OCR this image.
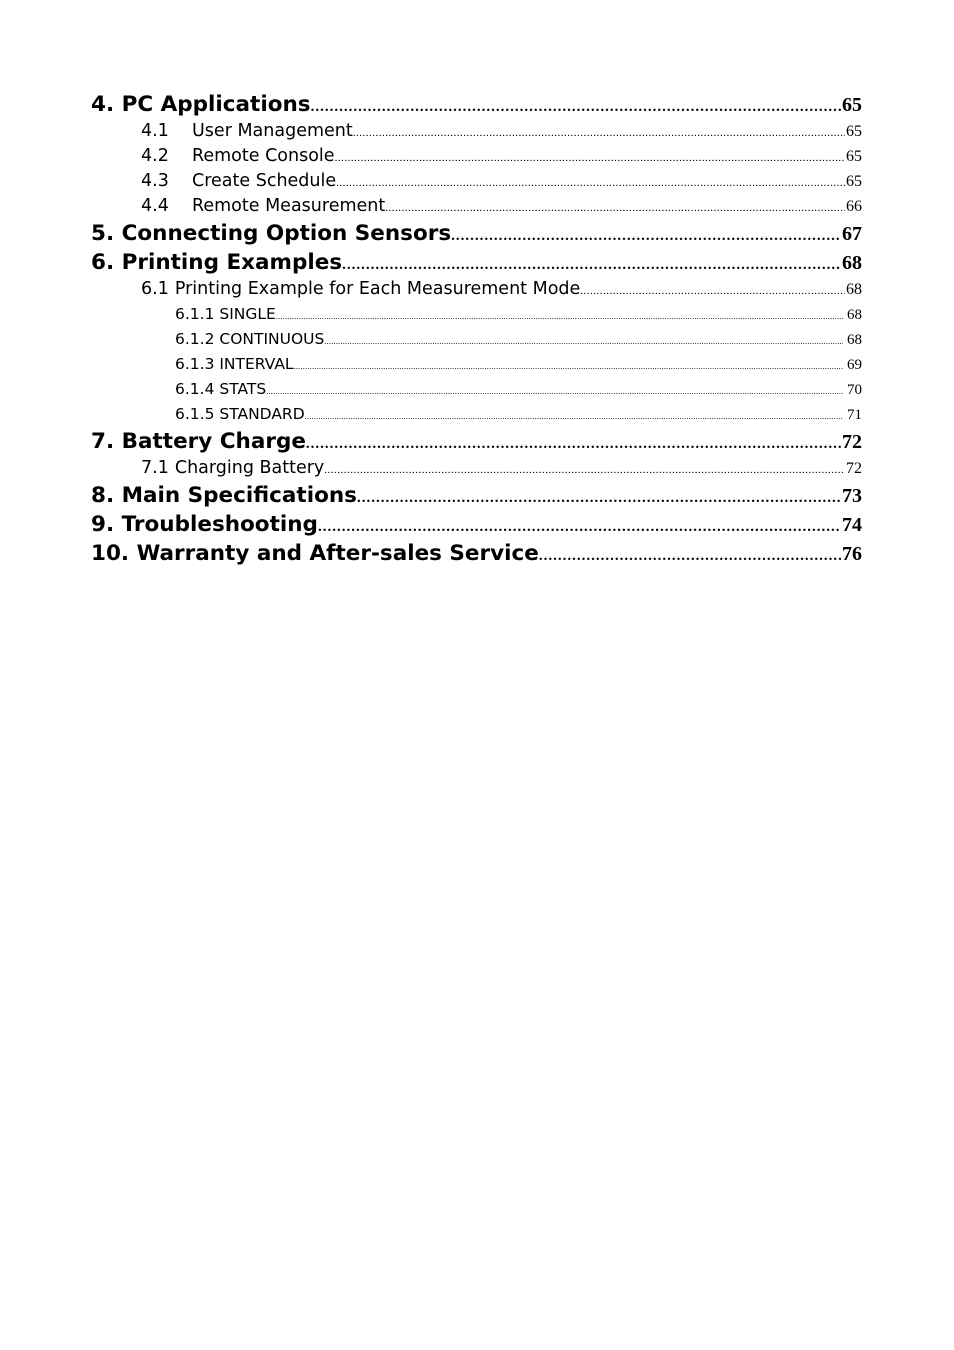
4. PC Applications .....	65
4.1 User Management .....	65
4.2 Remote Console .....	65
4.3 Create Schedule .....	65
4.4 Remote Measurement .....	66
5. Connecting Option Sensors .....	67
6. Printing Examples .....	68
6.1 Printing Example for Each Measurement Mode .....	68
6.1.1 SINGLE .....	68
6.1.2 CONTINUOUS .....	68
6.1.3 INTERVAL .....	69
6.1.4 STATS .....	70
6.1.5 STANDARD .....	71
7. Battery Charge .....	72
7.1 Charging Battery .....	72
8. Main Specifications .....	73
9. Troubleshooting .....	74
10. Warranty and After-sales Service .....	76
